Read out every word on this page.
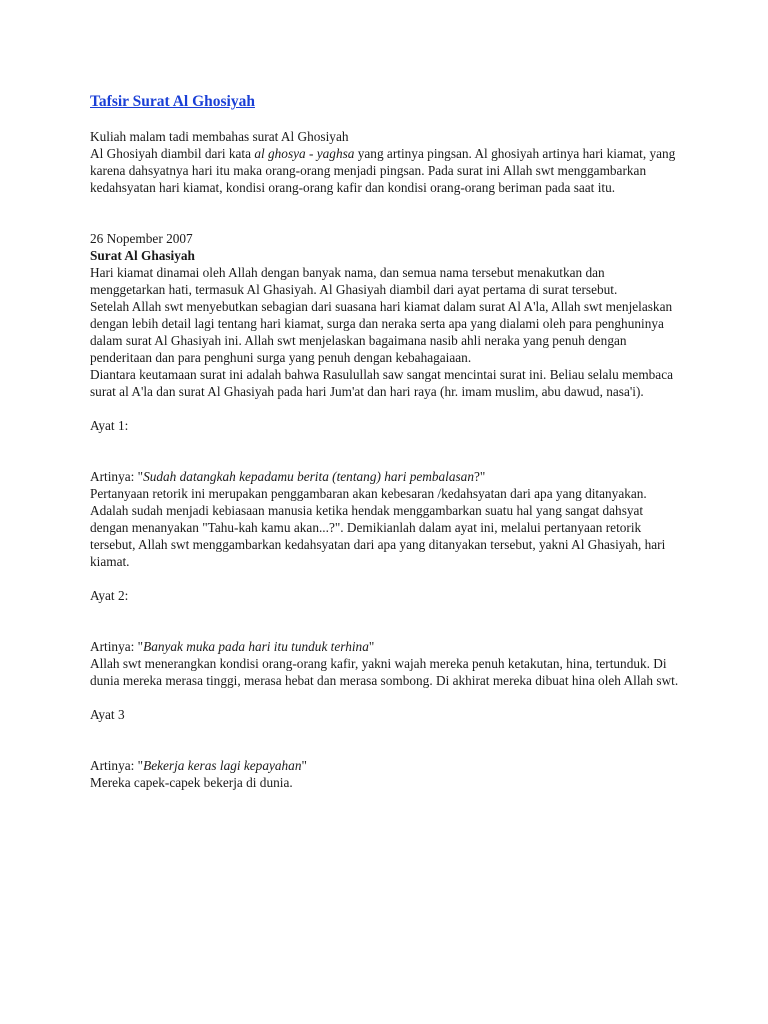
Tafsir Surat Al Ghosiyah

Kuliah malam tadi membahas surat Al Ghosiyah

Al Ghosiyah diambil dari kata al ghosya - yaghsa yang artinya pingsan. Al ghosiyah artinya hari kiamat, yang karena dahsyatnya hari itu maka orang-orang menjadi pingsan. Pada surat ini Allah swt menggambarkan kedahsyatan hari kiamat, kondisi orang-orang kafir dan kondisi orang-orang beriman pada saat itu.

26 Nopember 2007

Surat Al Ghasiyah

Hari kiamat dinamai oleh Allah dengan banyak nama, dan semua nama tersebut menakutkan dan menggetarkan hati, termasuk Al Ghasiyah. Al Ghasiyah diambil dari ayat pertama di surat tersebut.

Setelah Allah swt menyebutkan sebagian dari suasana hari kiamat dalam surat Al A'la, Allah swt menjelaskan dengan lebih detail lagi tentang hari kiamat, surga dan neraka serta apa yang dialami oleh para penghuninya dalam surat Al Ghasiyah ini. Allah swt menjelaskan bagaimana nasib ahli neraka yang penuh dengan penderitaan dan para penghuni surga yang penuh dengan kebahagaiaan.

Diantara keutamaan surat ini adalah bahwa Rasulullah saw sangat mencintai surat ini. Beliau selalu membaca surat al A'la dan surat Al Ghasiyah pada hari Jum'at dan hari raya (hr. imam muslim, abu dawud, nasa'i).

Ayat 1:

Artinya: "Sudah datangkah kepadamu berita (tentang) hari pembalasan?"

Pertanyaan retorik ini merupakan penggambaran akan kebesaran /kedahsyatan dari apa yang ditanyakan. Adalah sudah menjadi kebiasaan manusia ketika hendak menggambarkan suatu hal yang sangat dahsyat dengan menanyakan "Tahu-kah kamu akan...?". Demikianlah dalam ayat ini, melalui pertanyaan retorik tersebut, Allah swt menggambarkan kedahsyatan dari apa yang ditanyakan tersebut, yakni Al Ghasiyah, hari kiamat.

Ayat 2:

Artinya: "Banyak muka pada hari itu tunduk terhina"

Allah swt menerangkan kondisi orang-orang kafir, yakni wajah mereka penuh ketakutan, hina, tertunduk. Di dunia mereka merasa tinggi, merasa hebat dan merasa sombong. Di akhirat mereka dibuat hina oleh Allah swt.

Ayat 3

Artinya: "Bekerja keras lagi kepayahan"

Mereka capek-capek bekerja di dunia.
